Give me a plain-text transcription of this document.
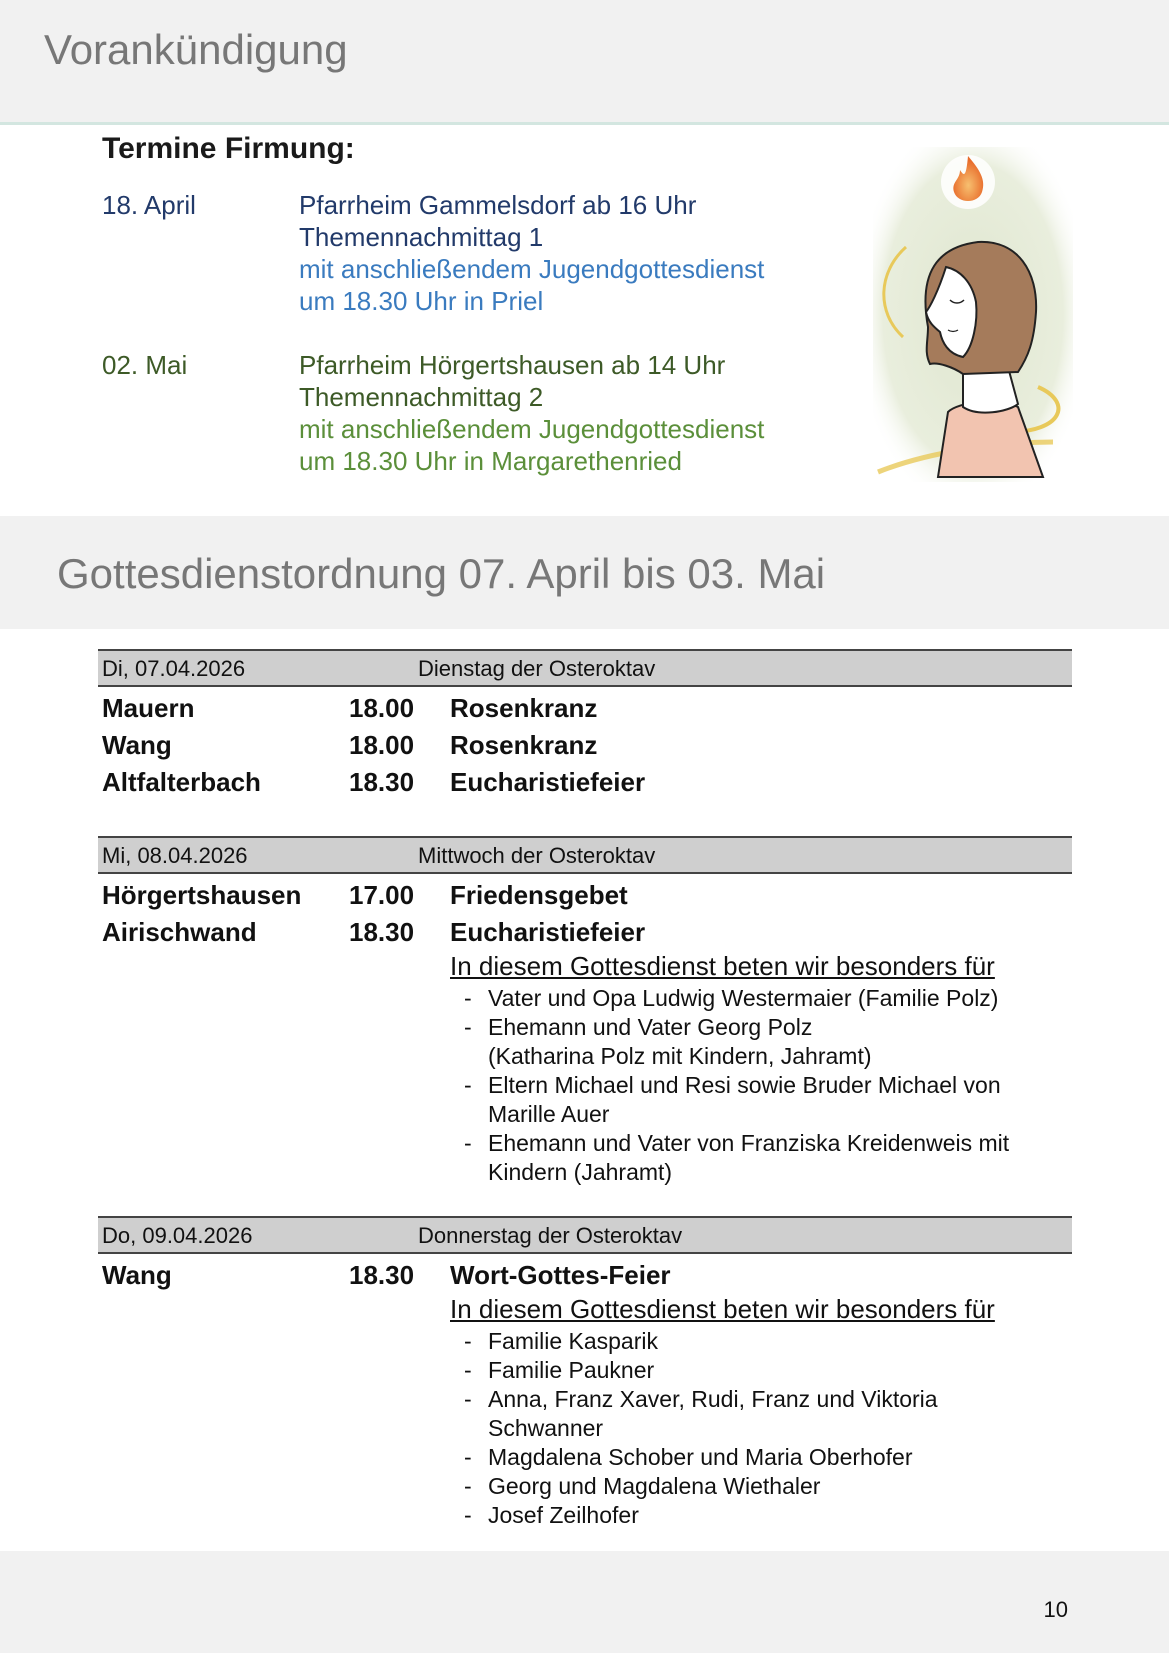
Vorankündigung
Termine Firmung:
18. April	Pfarrheim Gammelsdorf ab 16 Uhr
Themennachmittag 1
mit anschließendem Jugendgottesdienst
um 18.30 Uhr in Priel
02. Mai	Pfarrheim Hörgertshausen ab 14 Uhr
Themennachmittag 2
mit anschließendem Jugendgottesdienst
um 18.30 Uhr in Margarethenried
Gottesdienstordnung 07. April bis 03. Mai
Di, 07.04.2026	Dienstag der Osteroktav
Mauern	18.00 Rosenkranz
Wang	18.00 Rosenkranz
Altfalterbach	18.30 Eucharistiefeier
Mi, 08.04.2026	Mittwoch der Osteroktav
Hörgertshausen 17.00 Friedensgebet
Airischwand	18.30 Eucharistiefeier
In diesem Gottesdienst beten wir besonders für
- Vater und Opa Ludwig Westermaier (Familie Polz)
- Ehemann und Vater Georg Polz
(Katharina Polz mit Kindern, Jahramt)
- Eltern Michael und Resi sowie Bruder Michael von
Marille Auer
- Ehemann und Vater von Franziska Kreidenweis mit
Kindern (Jahramt)
Do, 09.04.2026	Donnerstag der Osteroktav
Wang	18.30 Wort-Gottes-Feier
In diesem Gottesdienst beten wir besonders für
- Familie Kasparik
- Familie Paukner
- Anna, Franz Xaver, Rudi, Franz und Viktoria
Schwanner
- Magdalena Schober und Maria Oberhofer
- Georg und Magdalena Wiethaler
- Josef Zeilhofer
10
